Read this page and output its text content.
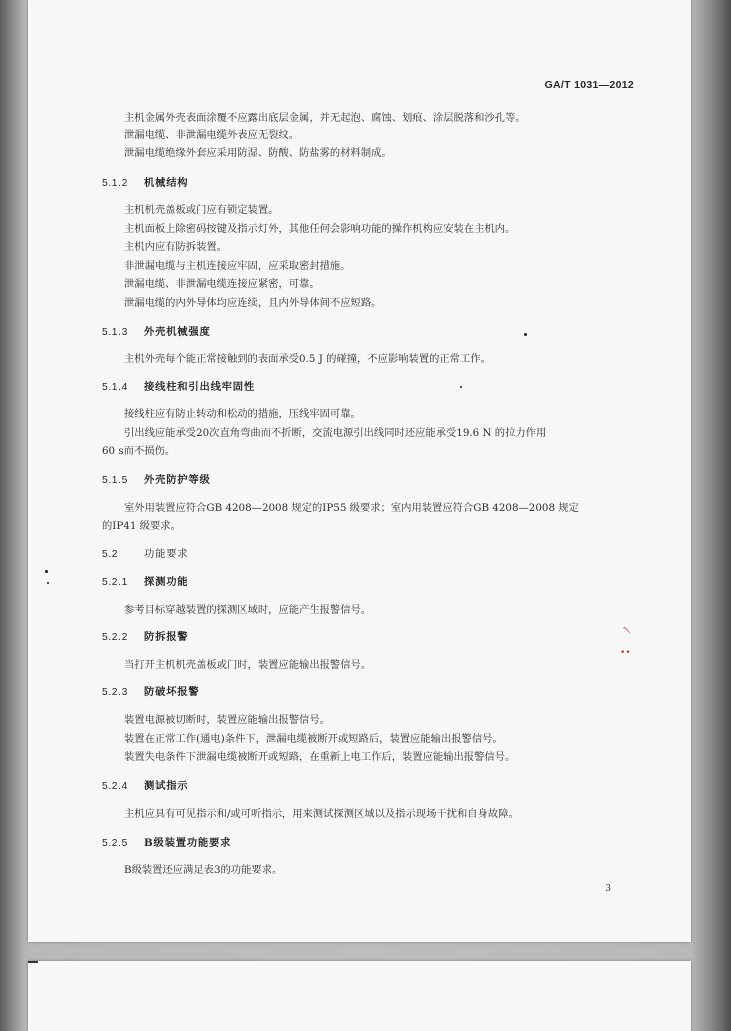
GA/T 1031—2012
主机金属外壳表面涂覆不应露出底层金属，并无起泡、腐蚀、划痕、涂层脱落和沙孔等。
泄漏电缆、非泄漏电缆外表应无裂纹。
泄漏电缆绝缘外套应采用防湿、防酸、防盐雾的材料制成。
5.1.2 机械结构
主机机壳盖板或门应有锁定装置。
主机面板上除密码按键及指示灯外，其他任何会影响功能的操作机构应安装在主机内。
主机内应有防拆装置。
非泄漏电缆与主机连接应牢固，应采取密封措施。
泄漏电缆、非泄漏电缆连接应紧密，可靠。
泄漏电缆的内外导体均应连续，且内外导体间不应短路。
5.1.3 外壳机械强度
主机外壳每个能正常接触到的表面承受0.5 J 的碰撞，不应影响装置的正常工作。
5.1.4 接线柱和引出线牢固性
接线柱应有防止转动和松动的措施，压线牢固可靠。
引出线应能承受20次直角弯曲而不折断，交流电源引出线同时还应能承受19.6 N 的拉力作用
60 s而不损伤。
5.1.5 外壳防护等级
室外用装置应符合GB 4208—2008 规定的IP55 级要求；室内用装置应符合GB 4208—2008 规定
的IP41 级要求。
5.2	功能要求
5.2.1 探测功能
参考目标穿越装置的探测区域时，应能产生报警信号。
5.2.2 防拆报警
当打开主机机壳盖板或门时，装置应能输出报警信号。
5.2.3 防破坏报警
装置电源被切断时，装置应能输出报警信号。
装置在正常工作(通电)条件下，泄漏电缆被断开或短路后，装置应能输出报警信号。
装置失电条件下泄漏电缆被断开或短路，在重新上电工作后，装置应能输出报警信号。
5.2.4 测试指示
主机应具有可见指示和/或可听指示，用来测试探测区域以及指示现场干扰和自身故障。
5.2.5 B级装置功能要求
B级装置还应满足表3的功能要求。
3
ﾉ
••
